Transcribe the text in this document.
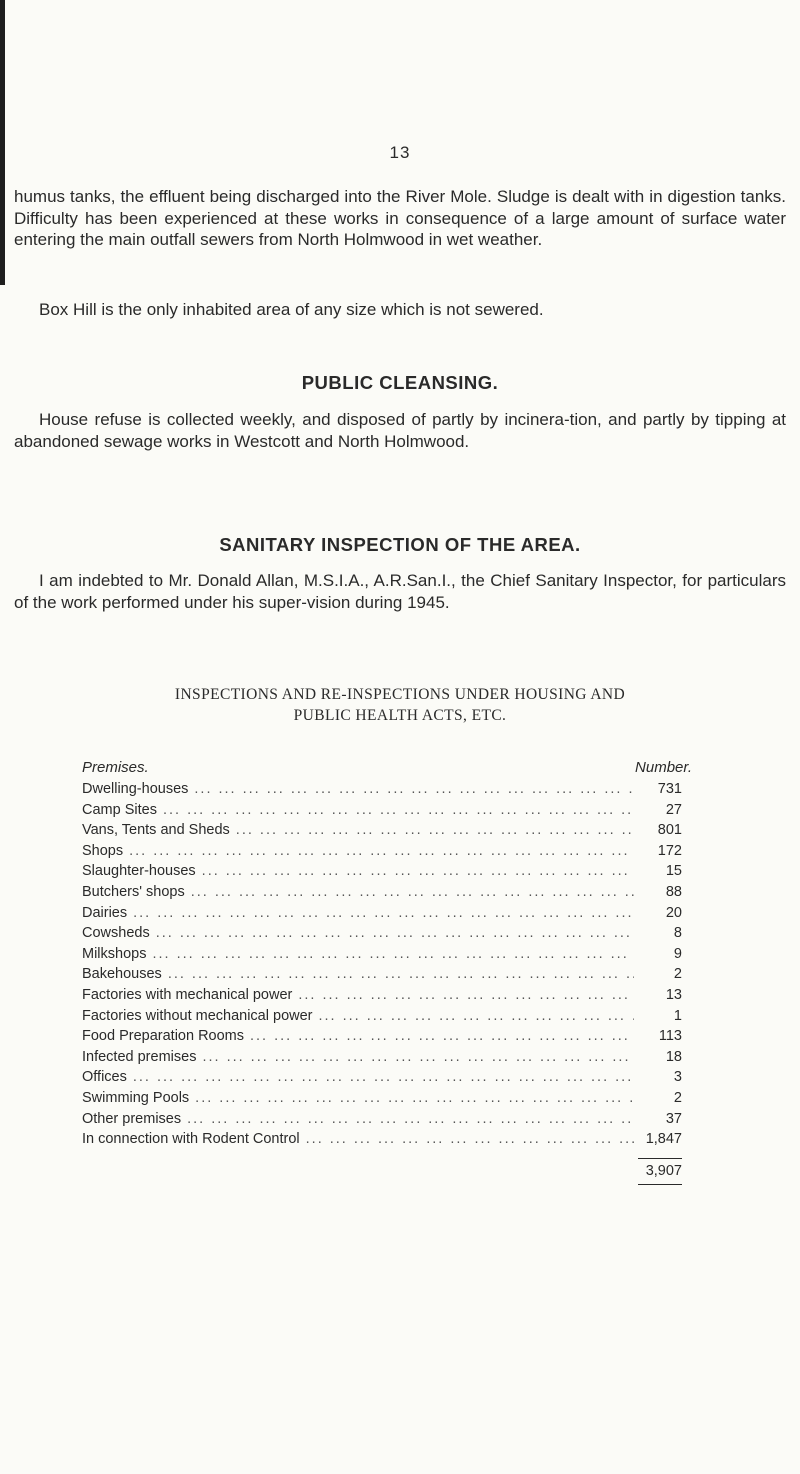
13

humus tanks, the effluent being discharged into the River Mole. Sludge is dealt with in digestion tanks. Difficulty has been experienced at these works in consequence of a large amount of surface water entering the main outfall sewers from North Holmwood in wet weather.

Box Hill is the only inhabited area of any size which is not sewered.

PUBLIC CLEANSING.

House refuse is collected weekly, and disposed of partly by incinera-tion, and partly by tipping at abandoned sewage works in Westcott and North Holmwood.

SANITARY INSPECTION OF THE AREA.

I am indebted to Mr. Donald Allan, M.S.I.A., A.R.San.I., the Chief Sanitary Inspector, for particulars of the work performed under his super-vision during 1945.

INSPECTIONS AND RE-INSPECTIONS UNDER HOUSING AND
PUBLIC HEALTH ACTS, ETC.
Premises.	Number.
Dwelling-houses ... .	731
Camp Sites ... .	27
Vans, Tents and Sheds ... .	801
Shops ... .	172
Slaughter-houses ... .	15
Butchers' shops ... .	88
Dairies ... .	20
Cowsheds ... .	8
Milkshops ... .	9
Bakehouses ... .	2
Factories with mechanical power ... .	13
Factories without mechanical power ... .	1
Food Preparation Rooms ... .	113
Infected premises ... .	18
Offices ... .	3
Swimming Pools ... .	2
Other premises ... .	37
In connection with Rodent Control ... .	1,847
3,907
